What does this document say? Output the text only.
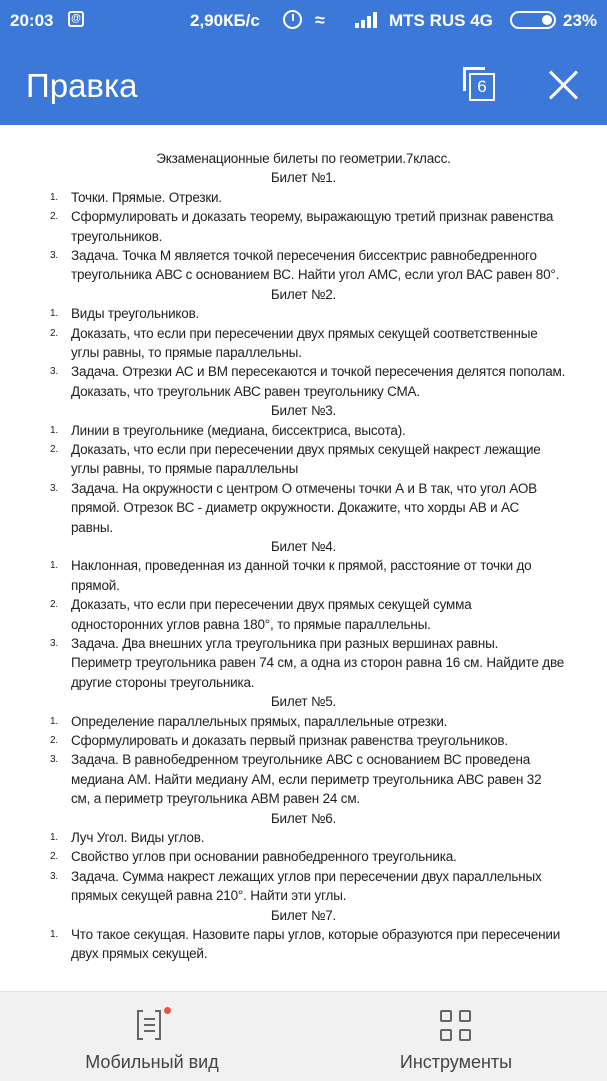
20:03	@	2,90КБ/с	≈	MTS RUS 4G	23%
Правка	6
Экзаменационные билеты по геометрии.7класс.
Билет №1.
1. Точки. Прямые. Отрезки.
2. Сформулировать и доказать теорему, выражающую третий признак равенства
треугольников.
3. Задача. Точка М является точкой пересечения биссектрис равнобедренного
треугольника АВС с основанием ВС. Найти угол АМС, если угол ВАС равен 80°.
Билет №2.
1. Виды треугольников.
2. Доказать, что если при пересечении двух прямых секущей соответственные
углы равны, то прямые параллельны.
3. Задача. Отрезки АС и ВМ пересекаются и точкой пересечения делятся пополам.
Доказать, что треугольник АВС равен треугольнику СМА.
Билет №3.
1. Линии в треугольнике (медиана, биссектриса, высота).
2. Доказать, что если при пересечении двух прямых секущей накрест лежащие
углы равны, то прямые параллельны
3. Задача. На окружности с центром О отмечены точки А и В так, что угол АОВ
прямой. Отрезок ВС - диаметр окружности. Докажите, что хорды АВ и АС
равны.
Билет №4.
1. Наклонная, проведенная из данной точки к прямой, расстояние от точки до
прямой.
2. Доказать, что если при пересечении двух прямых секущей сумма
односторонних углов равна 180°, то прямые параллельны.
3. Задача. Два внешних угла треугольника при разных вершинах равны.
Периметр треугольника равен 74 см, а одна из сторон равна 16 см. Найдите две
другие стороны треугольника.
Билет №5.
1. Определение параллельных прямых, параллельные отрезки.
2. Сформулировать и доказать первый признак равенства треугольников.
3. Задача. В равнобедренном треугольнике АВС с основанием ВС проведена
медиана АМ. Найти медиану АМ, если периметр треугольника АВС равен 32
см, а периметр треугольника АВМ равен 24 см.
Билет №6.
1. Луч Угол. Виды углов.
2. Свойство углов при основании равнобедренного треугольника.
3. Задача. Сумма накрест лежащих углов при пересечении двух параллельных
прямых секущей равна 210°. Найти эти углы.
Билет №7.
1. Что такое секущая. Назовите пары углов, которые образуются при пересечении
двух прямых секущей.
Мобильный вид	Инструменты
